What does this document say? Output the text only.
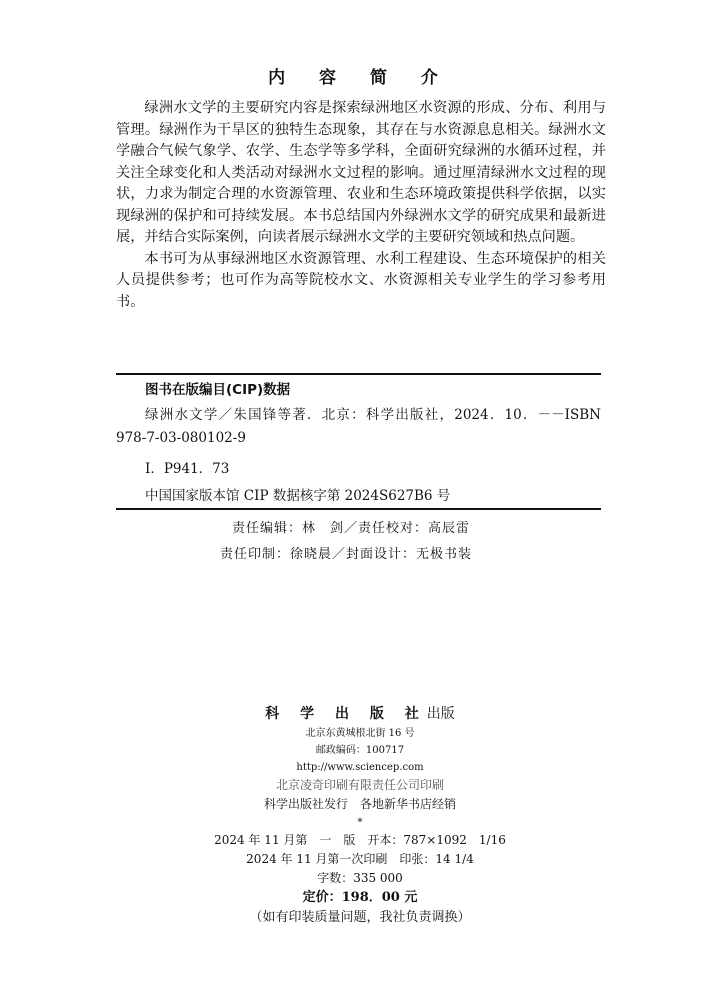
内 容 简 介

绿洲水文学的主要研究内容是探索绿洲地区水资源的形成、分布、利用与管理。绿洲作为干旱区的独特生态现象，其存在与水资源息息相关。绿洲水文学融合气候气象学、农学、生态学等多学科，全面研究绿洲的水循环过程，并关注全球变化和人类活动对绿洲水文过程的影响。通过厘清绿洲水文过程的现状，力求为制定合理的水资源管理、农业和生态环境政策提供科学依据，以实现绿洲的保护和可持续发展。本书总结国内外绿洲水文学的研究成果和最新进展，并结合实际案例，向读者展示绿洲水文学的主要研究领域和热点问题。

本书可为从事绿洲地区水资源管理、水利工程建设、生态环境保护的相关人员提供参考；也可作为高等院校水文、水资源相关专业学生的学习参考用书。

图书在版编目(CIP)数据
绿洲水文学／朱国锋等著．北京：科学出版社，2024．10．－－ISBN 978-7-03-080102-9
Ⅰ．P941．73
中国国家版本馆 CIP 数据核字第 2024S627B6 号
责任编辑：林　剑／责任校对：高辰雷
责任印制：徐晓晨／封面设计：无极书装
科 学 出 版 社出版
北京东黄城根北街 16 号
邮政编码：100717
http://www.sciencep.com
北京凌奇印刷有限责任公司印刷
科学出版社发行　各地新华书店经销
*
2024 年 11 月第　一　版　开本：787×1092　1/16
2024 年 11 月第一次印刷　印张：14 1/4
字数：335 000
定价：198．00 元
（如有印装质量问题，我社负责调换）
